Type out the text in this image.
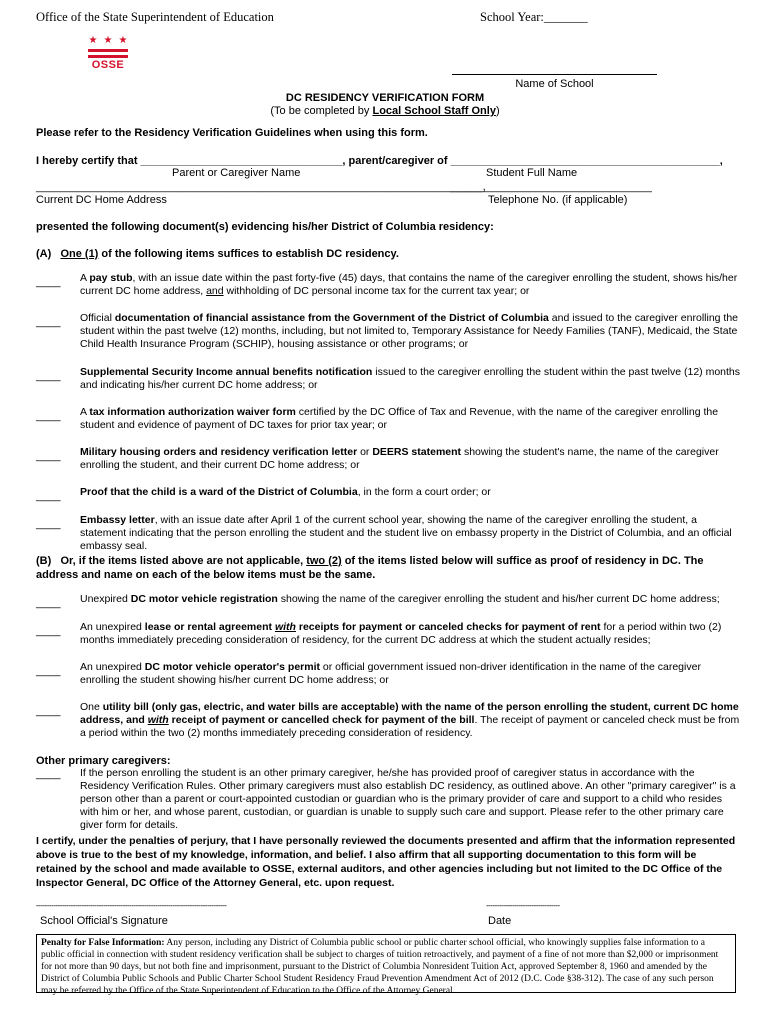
Office of the State Superintendent of Education	School Year:_______
★ ★ ★
OSSE
Name of School
DC RESIDENCY VERIFICATION FORM
(To be completed by Local School Staff Only)
Please refer to the Residency Verification Guidelines when using this form.
I hereby certify that _________________________________, parent/caregiver of ____________________________________________,
Parent or Caregiver Name	Student Full Name
_________________________________________________________________________,
_________________________________
Current DC Home Address	Telephone No. (if applicable)
presented the following document(s) evidencing his/her District of Columbia residency:
(A) One (1) of the following items suffices to establish DC residency.
____ A pay stub, with an issue date within the past forty-five (45) days, that contains the name of the caregiver enrolling the student, shows his/her current DC home address, and withholding of DC personal income tax for the current tax year; or
____ Official documentation of financial assistance from the Government of the District of Columbia and issued to the caregiver enrolling the student within the past twelve (12) months, including, but not limited to, Temporary Assistance for Needy Families (TANF), Medicaid, the State Child Health Insurance Program (SCHIP), housing assistance or other programs; or
____ Supplemental Security Income annual benefits notification issued to the caregiver enrolling the student within the past twelve (12) months and indicating his/her current DC home address; or
____ A tax information authorization waiver form certified by the DC Office of Tax and Revenue, with the name of the caregiver enrolling the student and evidence of payment of DC taxes for prior tax year; or
____ Military housing orders and residency verification letter or DEERS statement showing the student's name, the name of the caregiver enrolling the student, and their current DC home address; or
____ Proof that the child is a ward of the District of Columbia, in the form a court order; or
____ Embassy letter, with an issue date after April 1 of the current school year, showing the name of the caregiver enrolling the student, a statement indicating that the person enrolling the student and the student live on embassy property in the District of Columbia, and an official embassy seal.
(B) Or, if the items listed above are not applicable, two (2) of the items listed below will suffice as proof of residency in DC. The address and name on each of the below items must be the same.
____ Unexpired DC motor vehicle registration showing the name of the caregiver enrolling the student and his/her current DC home address;
____ An unexpired lease or rental agreement with receipts for payment or canceled checks for payment of rent for a period within two (2) months immediately preceding consideration of residency, for the current DC address at which the student actually resides;
____ An unexpired DC motor vehicle operator's permit or official government issued non-driver identification in the name of the caregiver enrolling the student showing his/her current DC home address; or
____ One utility bill (only gas, electric, and water bills are acceptable) with the name of the person enrolling the student, current DC home address, and with receipt of payment or cancelled check for payment of the bill. The receipt of payment or canceled check must be from a period within the two (2) months immediately preceding consideration of residency.
Other primary caregivers:
____ If the person enrolling the student is an other primary caregiver, he/she has provided proof of caregiver status in accordance with the Residency Verification Rules. Other primary caregivers must also establish DC residency, as outlined above. An other "primary caregiver" is a person other than a parent or court-appointed custodian or guardian who is the primary provider of care and support to a child who resides with him or her, and whose parent, custodian, or guardian is unable to supply such care and support. Please refer to the other primary care giver form for details.
I certify, under the penalties of perjury, that I have personally reviewed the documents presented and affirm that the information represented above is true to the best of my knowledge, information, and belief. I also affirm that all supporting documentation to this form will be retained by the school and made available to OSSE, external auditors, and other agencies including but not limited to the DC Office of the Inspector General, DC Office of the Attorney General, etc. upon request.
----------------------------------------------------------------------------------------	----------------------------------
School Official's Signature	Date
Penalty for False Information: Any person, including any District of Columbia public school or public charter school official, who knowingly supplies false information to a public official in connection with student residency verification shall be subject to charges of tuition retroactively, and payment of a fine of not more than $2,000 or imprisonment for not more than 90 days, but not both fine and imprisonment, pursuant to the District of Columbia Nonresident Tuition Act, approved September 8, 1960 and amended by the District of Columbia Public Schools and Public Charter School Student Residency Fraud Prevention Amendment Act of 2012 (D.C. Code §38-312). The case of any such person may be referred by the Office of the State Superintendent of Education to the Office of the Attorney General.
